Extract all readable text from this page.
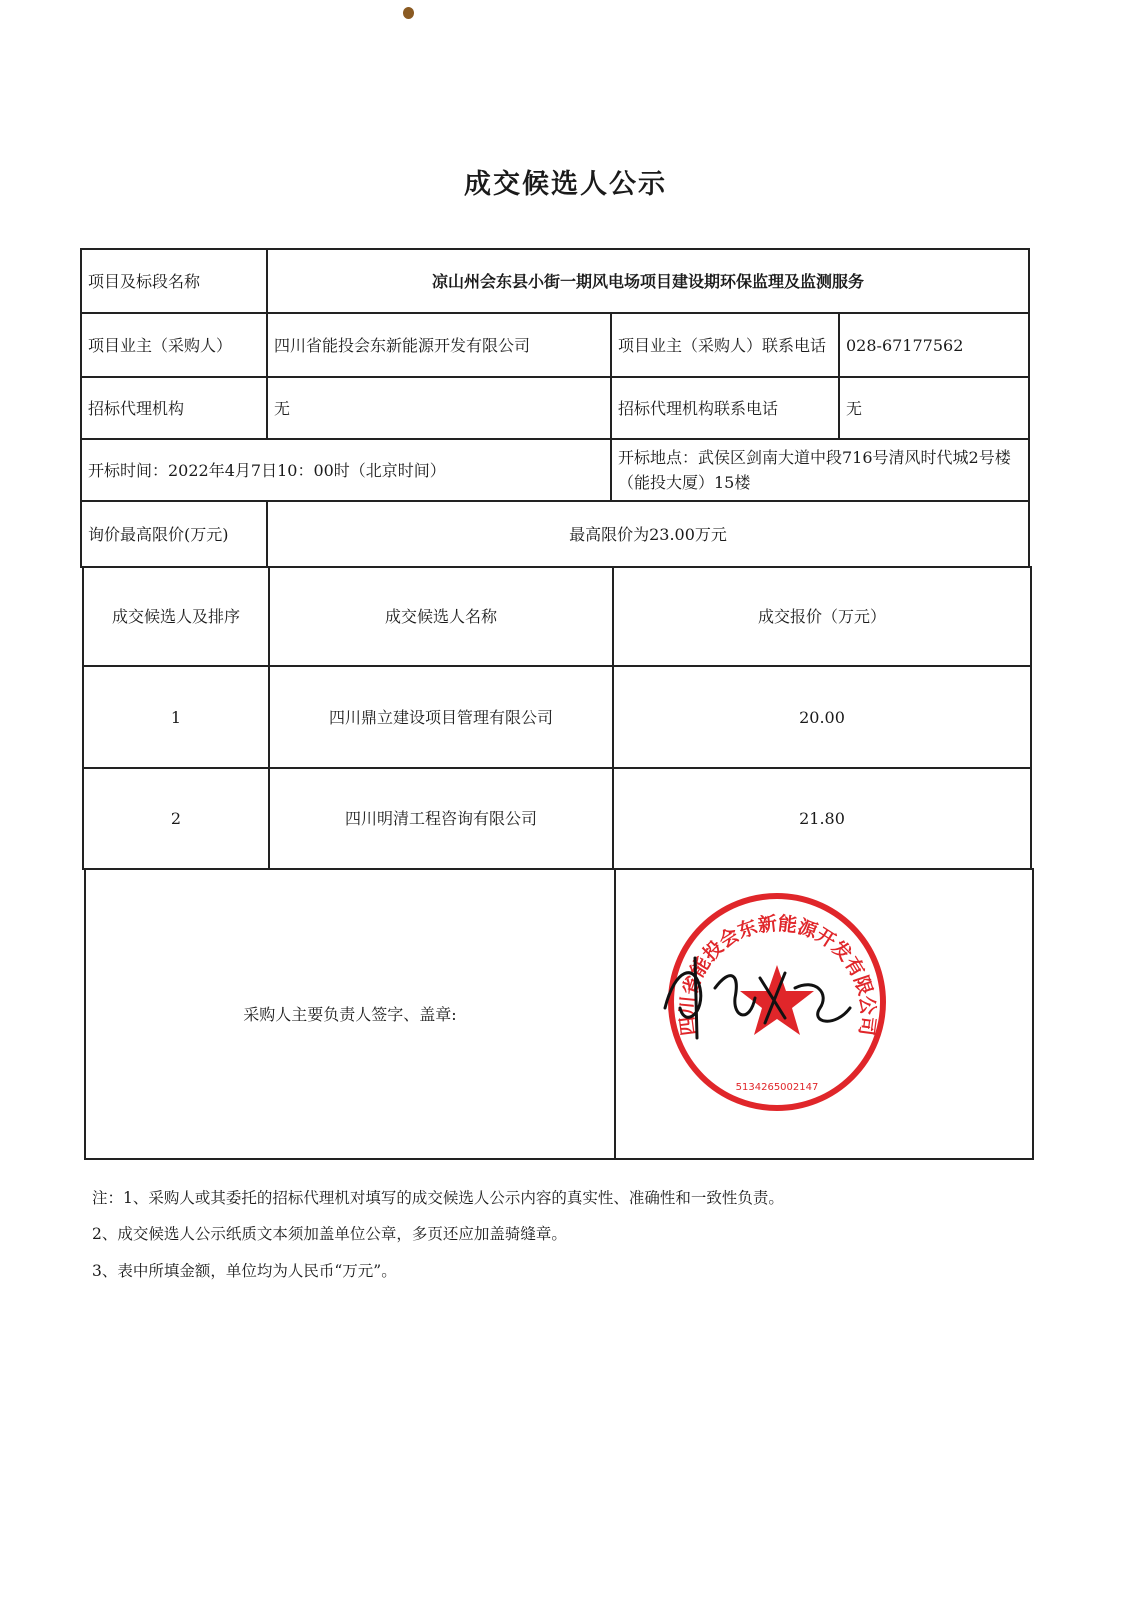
成交候选人公示
项目及标段名称	凉山州会东县小街一期风电场项目建设期环保监理及监测服务
项目业主（采购人）	四川省能投会东新能源开发有限公司	项目业主（采购人）联系电话	028-67177562
招标代理机构	无	招标代理机构联系电话	无
开标时间：2022年4月7日10：00时（北京时间）
开标地点：武侯区剑南大道中段716号清风时代城2号楼（能投大厦）15楼
询价最高限价(万元)	最高限价为23.00万元
成交候选人及排序	成交候选人名称	成交报价（万元）
1	四川鼎立建设项目管理有限公司	20.00
2	四川明清工程咨询有限公司	21.80
采购人主要负责人签字、盖章:
四川省能投会东新能源开发有限公司
5134265002147
注：1、采购人或其委托的招标代理机对填写的成交候选人公示内容的真实性、准确性和一致性负责。
2、成交候选人公示纸质文本须加盖单位公章，多页还应加盖骑缝章。
3、表中所填金额，单位均为人民币“万元”。
